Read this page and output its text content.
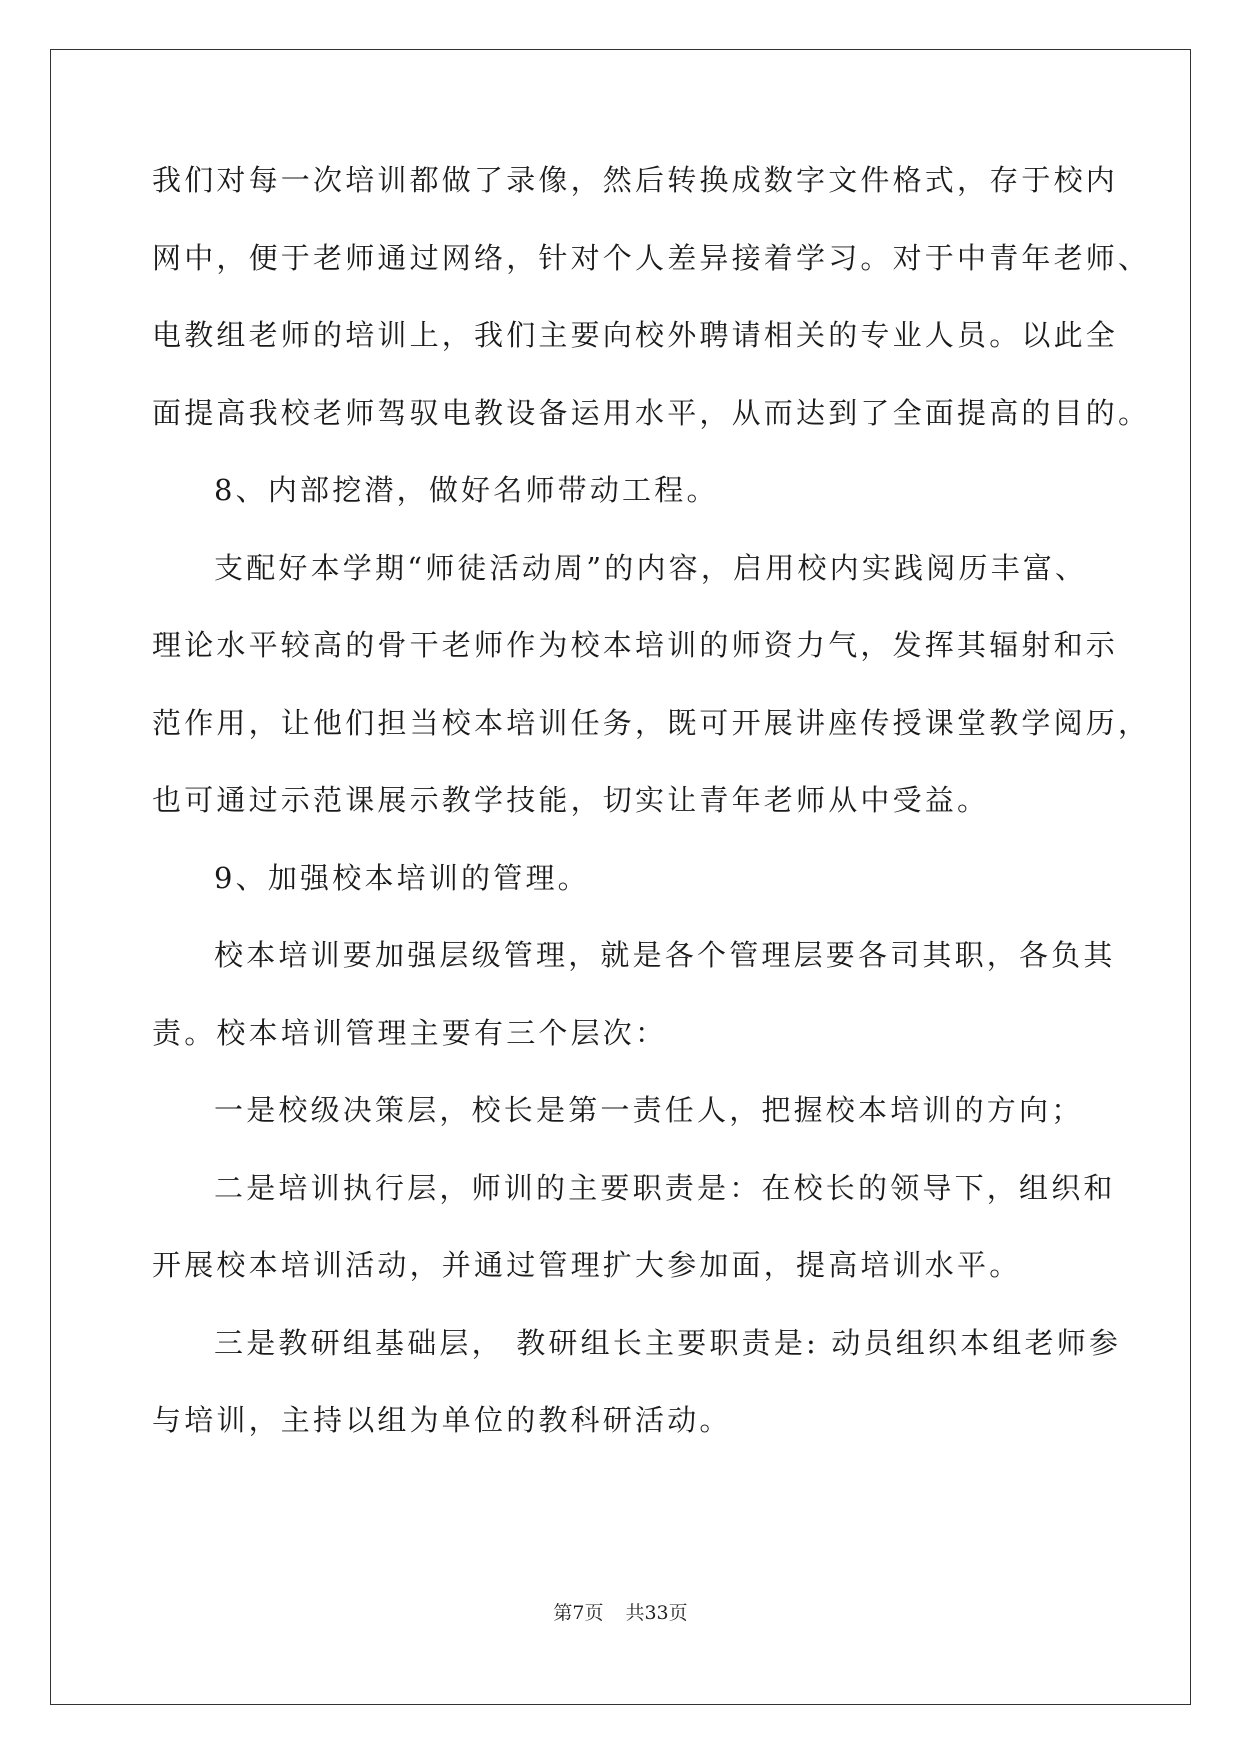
我们对每一次培训都做了录像，然后转换成数字文件格式，存于校内
网中，便于老师通过网络，针对个人差异接着学习。对于中青年老师、
电教组老师的培训上，我们主要向校外聘请相关的专业人员。以此全
面提高我校老师驾驭电教设备运用水平，从而达到了全面提高的目的。
8、内部挖潜，做好名师带动工程。
支配好本学期“师徒活动周”的内容，启用校内实践阅历丰富、
理论水平较高的骨干老师作为校本培训的师资力气，发挥其辐射和示
范作用，让他们担当校本培训任务，既可开展讲座传授课堂教学阅历，
也可通过示范课展示教学技能，切实让青年老师从中受益。
9、加强校本培训的管理。
校本培训要加强层级管理，就是各个管理层要各司其职，各负其
责。校本培训管理主要有三个层次：
一是校级决策层，校长是第一责任人，把握校本培训的方向；
二是培训执行层，师训的主要职责是：在校长的领导下，组织和
开展校本培训活动，并通过管理扩大参加面，提高培训水平。
三是教研组基础层， 教研组长主要职责是: 动员组织本组老师参
与培训，主持以组为单位的教科研活动。
第7页 共33页
